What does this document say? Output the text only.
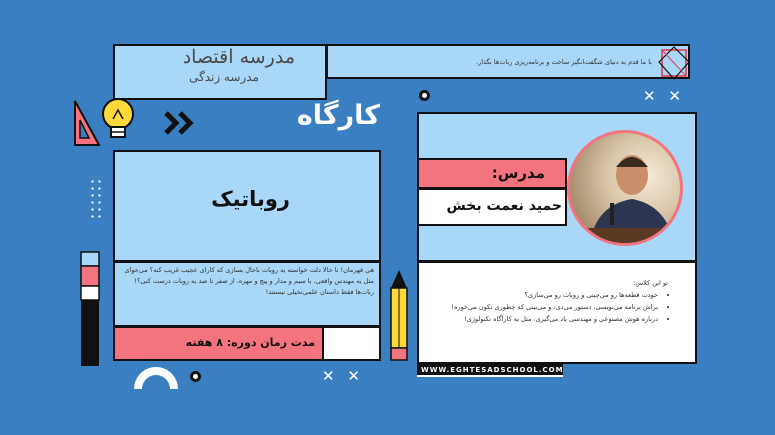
با ما قدم به دنیای شگفت‌انگیز ساخت و برنامه‌ریزی ربات‌ها بگذار.
مدرسه اقتصاد
مدرسه زندگی
کارگاه
✕ ✕
روباتیک
هی قهرمان! تا حالا دلت خواسته یه روبات باحال بسازی که کارای عجیب غریب کنه؟ می‌خوای مثل یه مهندس واقعی، با سیم و مدار و پیچ و مهره، از صفر تا صد یه روبات درست کنی؟! ربات‌ها فقط داستان علمی‌تخیلی نیستند!
مدت زمان دوره: ۸ هفته
✕ ✕
مدرس:
حمید نعمت بخش
تو این کلاس:
• خودت قطعه‌ها رو می‌چینی و روبات رو می‌سازی؟
• براش برنامه می‌نویسی، دستور می‌دی، و می‌بینی که چطوری تکون می‌خوره!
• درباره هوش مصنوعی و مهندسی یاد می‌گیری، مثل یه کارآگاه تکنولوژی!
WWW.EGHTESADSCHOOL.COM
